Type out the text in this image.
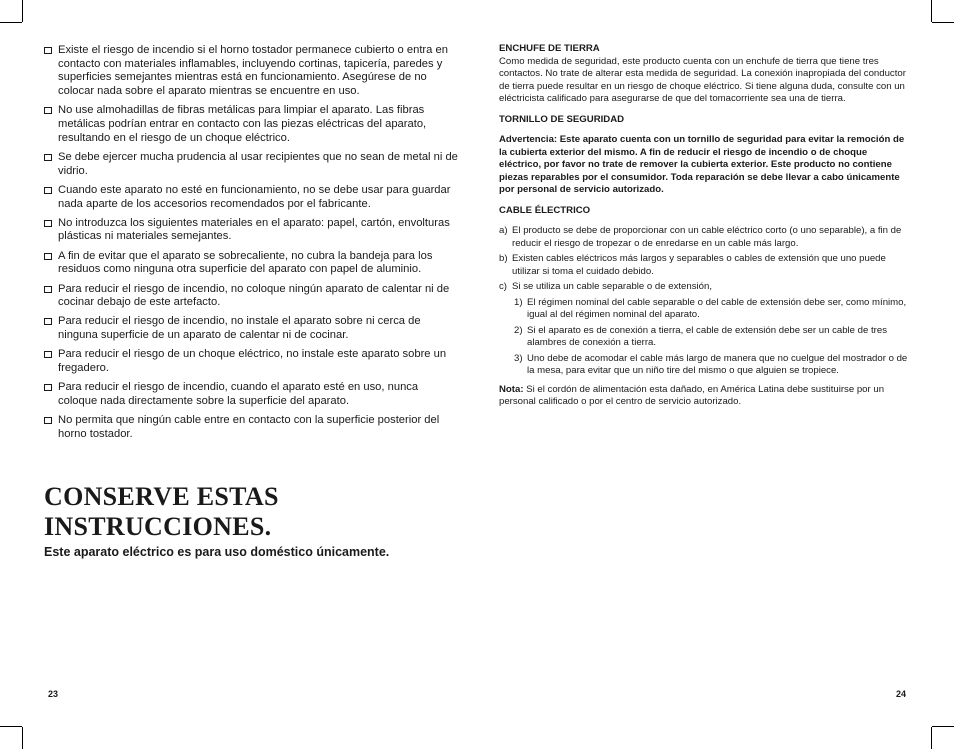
Existe el riesgo de incendio si el horno tostador permanece cubierto o entra en contacto con materiales inflamables, incluyendo cortinas, tapicería, paredes y superficies semejantes mientras está en funcionamiento. Asegúrese de no colocar nada sobre el aparato mientras se encuentre en uso.
No use almohadillas de fibras metálicas para limpiar el aparato. Las fibras metálicas podrían entrar en contacto con las piezas eléctricas del aparato, resultando en el riesgo de un choque eléctrico.
Se debe ejercer mucha prudencia al usar recipientes que no sean de metal ni de vidrio.
Cuando este aparato no esté en funcionamiento, no se debe usar para guardar nada aparte de los accesorios recomendados por el fabricante.
No introduzca los siguientes materiales en el aparato: papel, cartón, envolturas plásticas ni materiales semejantes.
A fin de evitar que el aparato se sobrecaliente, no cubra la bandeja para los residuos como ninguna otra superficie del aparato con papel de aluminio.
Para reducir el riesgo de incendio, no coloque ningún aparato de calentar ni de cocinar debajo de este artefacto.
Para reducir el riesgo de incendio, no instale el aparato sobre ni cerca de ninguna superficie de un aparato de calentar ni de cocinar.
Para reducir el riesgo de un choque eléctrico, no instale este aparato sobre un fregadero.
Para reducir el riesgo de incendio, cuando el aparato esté en uso, nunca coloque nada directamente sobre la superficie del aparato.
No permita que ningún cable entre en contacto con la superficie posterior del horno tostador.
CONSERVE ESTAS
INSTRUCCIONES.

Este aparato eléctrico es para uso doméstico únicamente.

23

ENCHUFE DE TIERRA

Como medida de seguridad, este producto cuenta con un enchufe de tierra que tiene tres contactos. No trate de alterar esta medida de seguridad. La conexión inapropiada del conductor de tierra puede resultar en un riesgo de choque eléctrico. Si tiene alguna duda, consulte con un eléctricista calificado para asegurarse de que del tomacorriente sea una de tierra.

TORNILLO DE SEGURIDAD

Advertencia: Este aparato cuenta con un tornillo de seguridad para evitar la remoción de la cubierta exterior del mismo. A fin de reducir el riesgo de incendio o de choque eléctrico, por favor no trate de remover la cubierta exterior. Este producto no contiene piezas reparables por el consumidor. Toda reparación se debe llevar a cabo únicamente por personal de servicio autorizado.

CABLE ÉLECTRICO

a) El producto se debe de proporcionar con un cable eléctrico corto (o uno separable), a fin de reducir el riesgo de tropezar o de enredarse en un cable más largo.
b) Existen cables eléctricos más largos y separables o cables de extensión que uno puede utilizar si toma el cuidado debido.
c) Si se utiliza un cable separable o de extensión,
1) El régimen nominal del cable separable o del cable de extensión debe ser, como mínimo, igual al del régimen nominal del aparato.
2) Si el aparato es de conexión a tierra, el cable de extensión debe ser un cable de tres alambres de conexión a tierra.
3) Uno debe de acomodar el cable más largo de manera que no cuelgue del mostrador o de la mesa, para evitar que un niño tire del mismo o que alguien se tropiece.

Nota: Si el cordón de alimentación esta dañado, en América Latina debe sustituirse por un personal calificado o por el centro de servicio autorizado.

24
